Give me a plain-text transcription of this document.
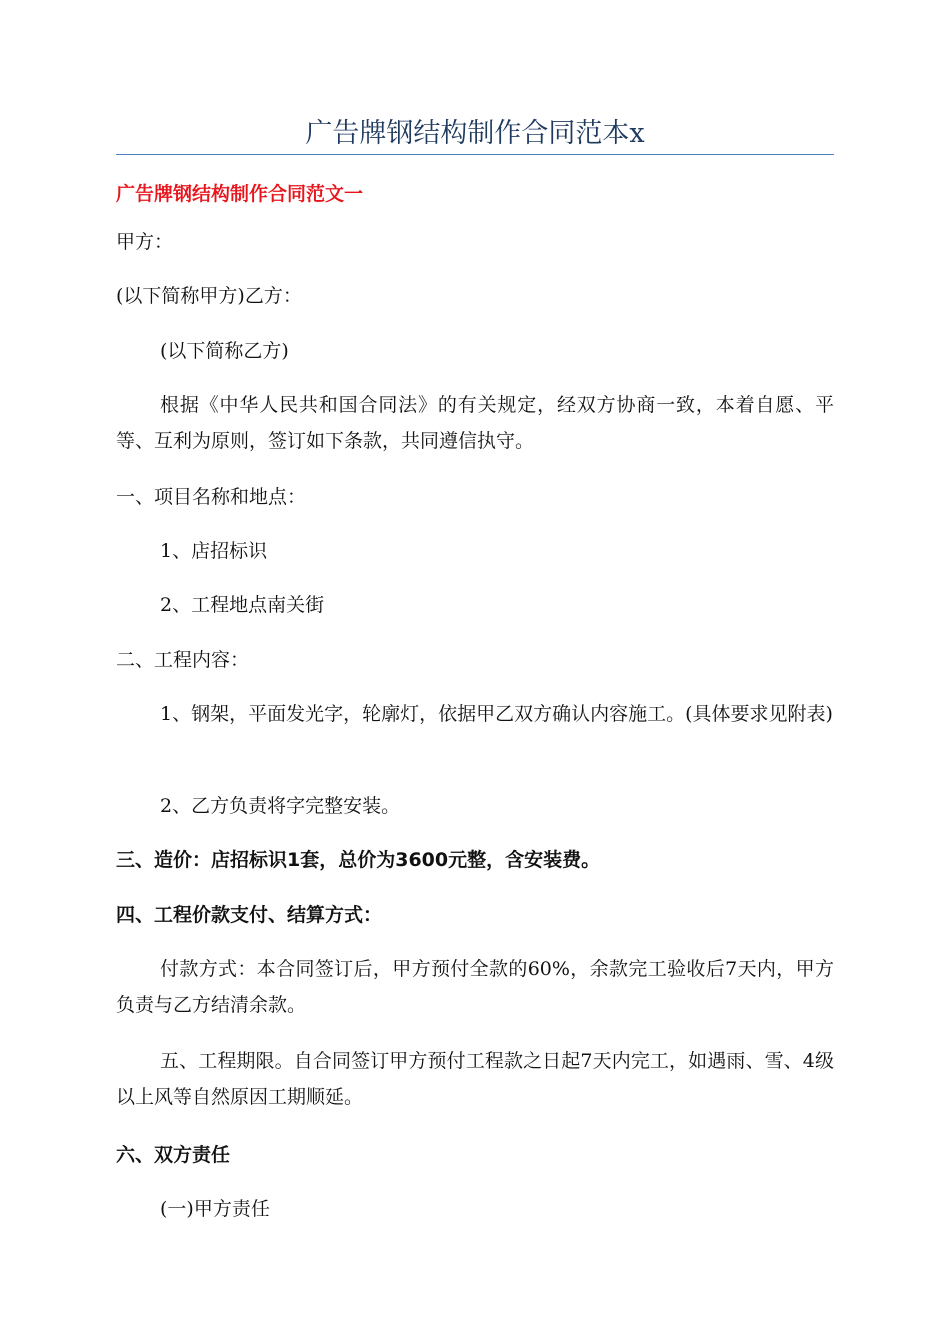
广告牌钢结构制作合同范本x
广告牌钢结构制作合同范文一
甲方：
(以下简称甲方)乙方：
(以下简称乙方)
根据《中华人民共和国合同法》的有关规定，经双方协商一致，本着自愿、平等、互利为原则，签订如下条款，共同遵信执守。
一、项目名称和地点：
1、店招标识
2、工程地点南关街
二、工程内容：
1、钢架，平面发光字，轮廓灯，依据甲乙双方确认内容施工。(具体要求见附表)
2、乙方负责将字完整安装。
三、造价：店招标识1套，总价为3600元整，含安装费。
四、工程价款支付、结算方式：
付款方式：本合同签订后，甲方预付全款的60%，余款完工验收后7天内，甲方负责与乙方结清余款。
五、工程期限。自合同签订甲方预付工程款之日起7天内完工，如遇雨、雪、4级以上风等自然原因工期顺延。
六、双方责任
(一)甲方责任
